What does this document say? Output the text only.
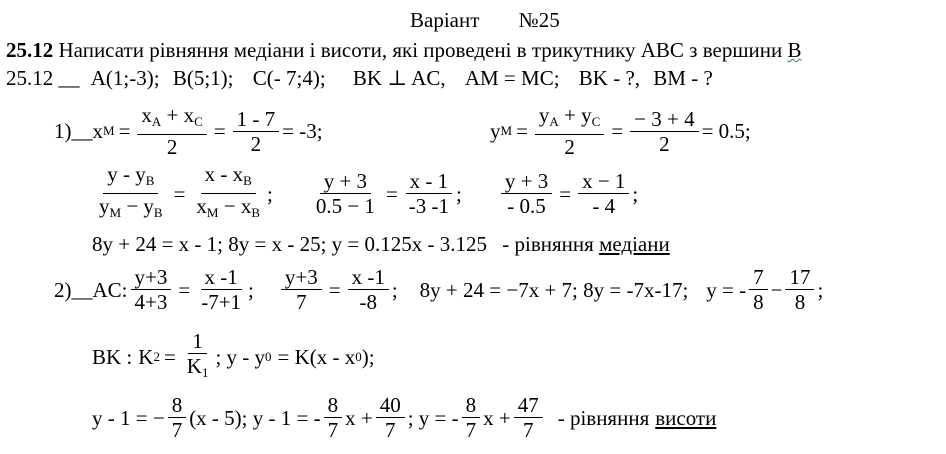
Варіант №25
25.12 Написати рівняння медіани і висоти, які проведені в трикутнику ABC з вершини B
25.12 __ A(1;-3); B(5;1); C(- 7;4); BK ⊥ AC, AM = MC; BK - ?, BM - ?
1)__ x $M = \frac{x_A + x_C}{2} = \frac{1 - 7}{2} = -3$;	y $M = \frac{y_A + y_C}{2} = \frac{- 3 + 4}{2} = 0.5$;
$\frac{y - y_B}{y_M - y_B} = \frac{x - x_B}{x_M - x_B}$ ; $\frac{y + 3}{0.5 - 1} = \frac{x - 1}{-3 -1}$ ; $\frac{y + 3}{- 0.5} = \frac{x - 1}{- 4}$ ;
8y + 24 = x - 1; 8y = x - 25; y = 0.125x - 3.125 - рівняння медіани
2)__ AC: $\frac{y+3}{4+3} = \frac{x -1}{-7+1}$ ; $\frac{y+3}{7} = \frac{x -1}{-8}$ ; 8y + 24 = −7x + 7; 8y = -7x-17; y = - $\frac{7}{8} - \frac{17}{8}$ ;
BK : K $2 = \frac{1}{K_1}$ ; y - y 0 = K(x - x 0 );
y - 1 = − $\frac{8}{7} (x - 5)$; y - 1 = - $\frac{8}{7}$ $x + \frac{40}{7}$ ; y = - $\frac{8}{7}$ $x + \frac{47}{7}$ - рівняння висоти
